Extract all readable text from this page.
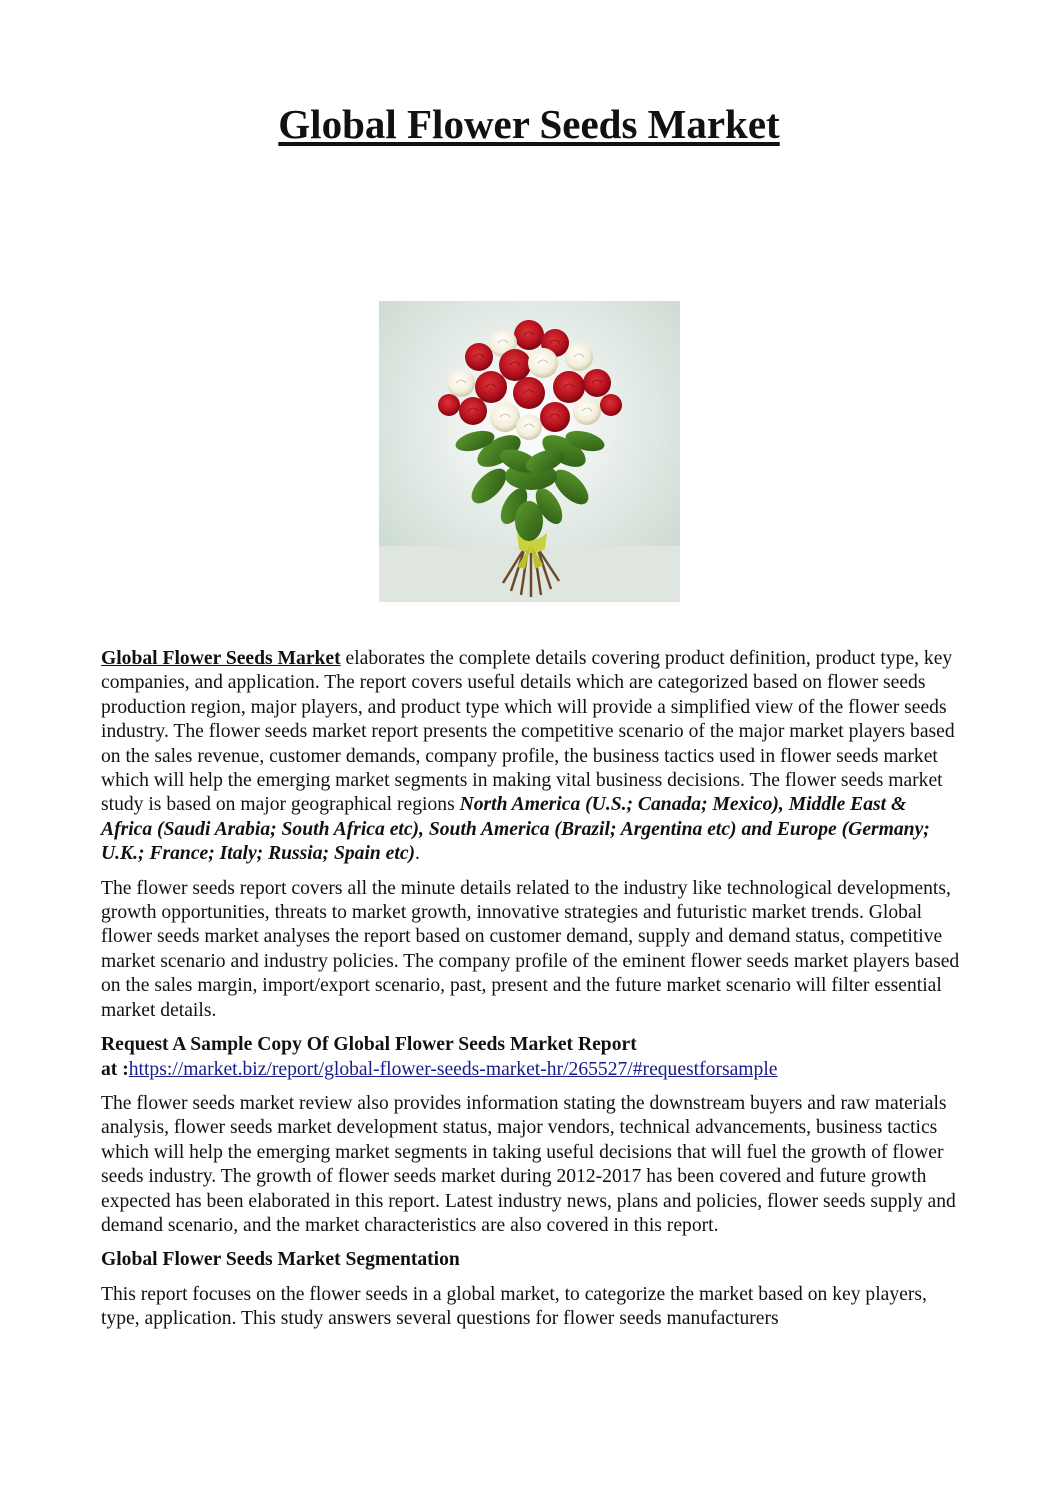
Global Flower Seeds Market

Global Flower Seeds Market elaborates the complete details covering product definition, product type, key companies, and application. The report covers useful details which are categorized based on flower seeds production region, major players, and product type which will provide a simplified view of the flower seeds industry. The flower seeds market report presents the competitive scenario of the major market players based on the sales revenue, customer demands, company profile, the business tactics used in flower seeds market which will help the emerging market segments in making vital business decisions. The flower seeds market study is based on major geographical regions North America (U.S.; Canada; Mexico), Middle East & Africa (Saudi Arabia; South Africa etc), South America (Brazil; Argentina etc) and Europe (Germany; U.K.; France; Italy; Russia; Spain etc).

The flower seeds report covers all the minute details related to the industry like technological developments, growth opportunities, threats to market growth, innovative strategies and futuristic market trends. Global flower seeds market analyses the report based on customer demand, supply and demand status, competitive market scenario and industry policies. The company profile of the eminent flower seeds market players based on the sales margin, import/export scenario, past, present and the future market scenario will filter essential market details.

Request A Sample Copy Of Global Flower Seeds Market Report
at :https://market.biz/report/global-flower-seeds-market-hr/265527/#requestforsample

The flower seeds market review also provides information stating the downstream buyers and raw materials analysis, flower seeds market development status, major vendors, technical advancements, business tactics which will help the emerging market segments in taking useful decisions that will fuel the growth of flower seeds industry. The growth of flower seeds market during 2012-2017 has been covered and future growth expected has been elaborated in this report. Latest industry news, plans and policies, flower seeds supply and demand scenario, and the market characteristics are also covered in this report.

Global Flower Seeds Market Segmentation

This report focuses on the flower seeds in a global market, to categorize the market based on key players, type, application. This study answers several questions for flower seeds manufacturers
